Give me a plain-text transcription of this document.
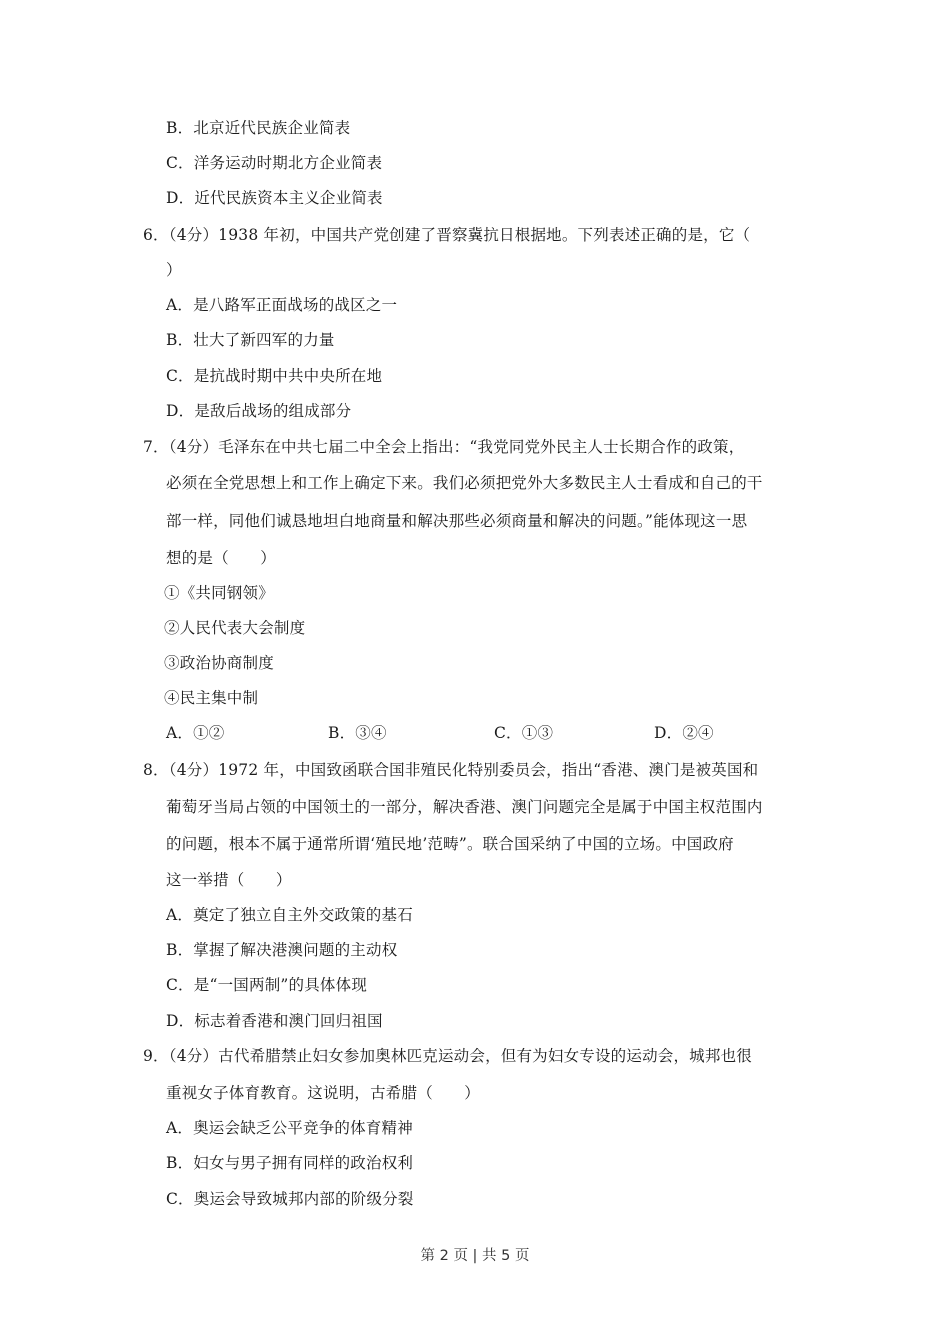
B．北京近代民族企业简表
C．洋务运动时期北方企业简表
D．近代民族资本主义企业简表
6．（4分）1938 年初，中国共产党创建了晋察冀抗日根据地。下列表述正确的是，它（
）
A．是八路军正面战场的战区之一
B．壮大了新四军的力量
C．是抗战时期中共中央所在地
D．是敌后战场的组成部分
7．（4分）毛泽东在中共七届二中全会上指出：“我党同党外民主人士长期合作的政策，
必须在全党思想上和工作上确定下来。我们必须把党外大多数民主人士看成和自己的干
部一样，同他们诚恳地坦白地商量和解决那些必须商量和解决的问题。”能体现这一思
想的是（　　）
①《共同钢领》
②人民代表大会制度
③政治协商制度
④民主集中制
A．①②	B．③④	C．①③	D．②④
8．（4分）1972 年，中国致函联合国非殖民化特别委员会，指出“香港、澳门是被英国和
葡萄牙当局占领的中国领土的一部分，解决香港、澳门问题完全是属于中国主权范围内
的问题，根本不属于通常所谓‘殖民地’范畴”。联合国采纳了中国的立场。中国政府
这一举措（　　）
A．奠定了独立自主外交政策的基石
B．掌握了解决港澳问题的主动权
C．是“一国两制”的具体体现
D．标志着香港和澳门回归祖国
9．（4分）古代希腊禁止妇女参加奥林匹克运动会，但有为妇女专设的运动会，城邦也很
重视女子体育教育。这说明，古希腊（　　）
A．奥运会缺乏公平竞争的体育精神
B．妇女与男子拥有同样的政治权利
C．奥运会导致城邦内部的阶级分裂
第 2 页 | 共 5 页
